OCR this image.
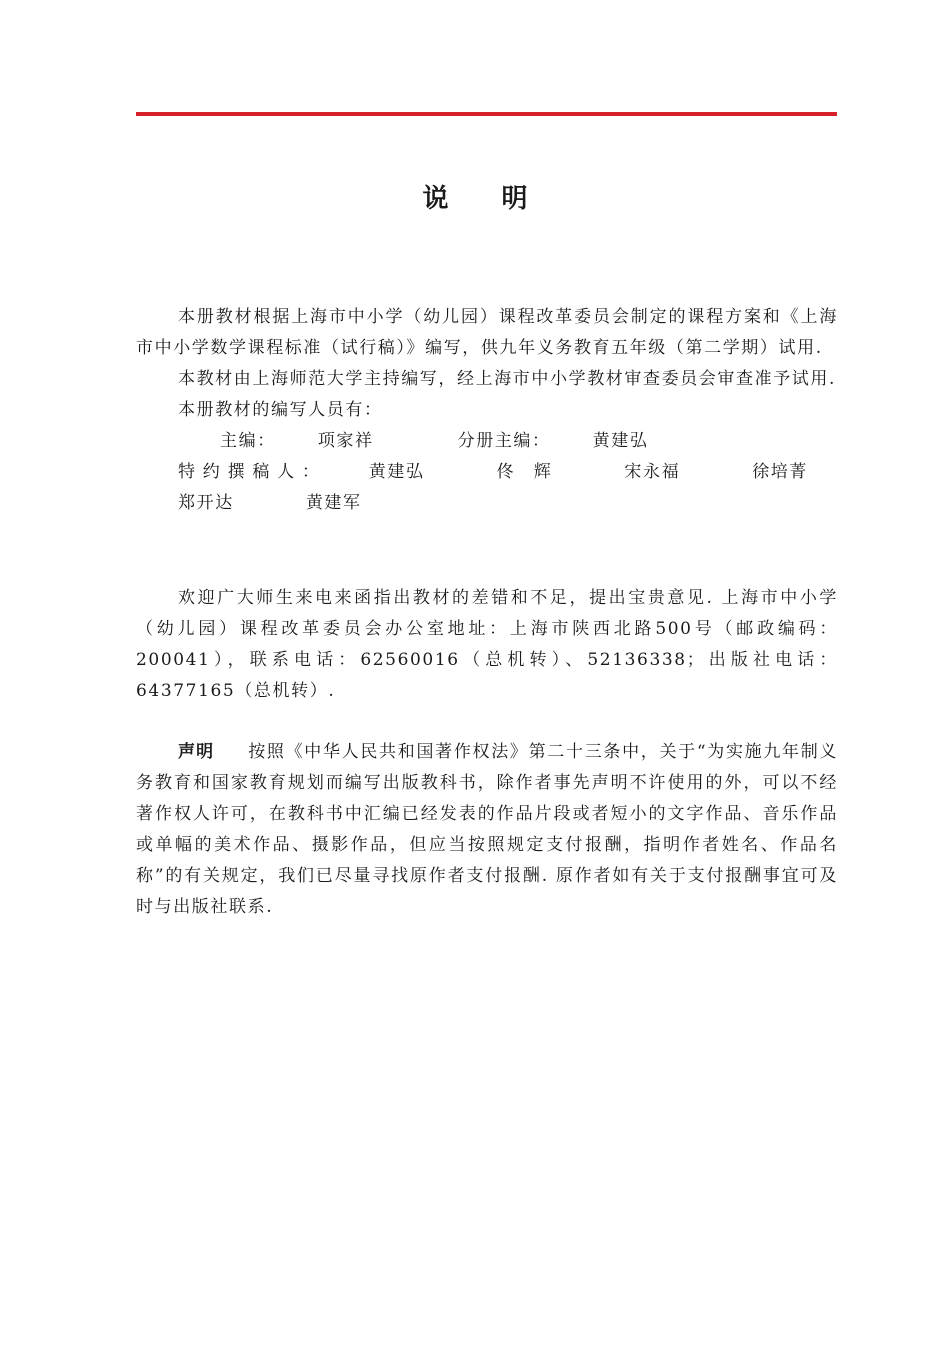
说 明

本册教材根据上海市中小学（幼儿园）课程改革委员会制定的课程方案和《上海市中小学数学课程标准（试行稿）》编写，供九年义务教育五年级（第二学期）试用.

本教材由上海师范大学主持编写，经上海市中小学教材审查委员会审查准予试用.

本册教材的编写人员有：

主编： 项家祥	分册主编： 黄建弘

特约撰稿人： 黄建弘	佟　辉	宋永福	徐培菁郑开达	黄建军

欢迎广大师生来电来函指出教材的差错和不足，提出宝贵意见. 上海市中小学（幼儿园）课程改革委员会办公室地址：上海市陕西北路500号（邮政编码：200041），联系电话：62560016（总机转）、52136338；出版社电话：64377165（总机转）.

声明 按照《中华人民共和国著作权法》第二十三条中，关于“为实施九年制义务教育和国家教育规划而编写出版教科书，除作者事先声明不许使用的外，可以不经著作权人许可，在教科书中汇编已经发表的作品片段或者短小的文字作品、音乐作品或单幅的美术作品、摄影作品，但应当按照规定支付报酬，指明作者姓名、作品名称”的有关规定，我们已尽量寻找原作者支付报酬. 原作者如有关于支付报酬事宜可及时与出版社联系.
